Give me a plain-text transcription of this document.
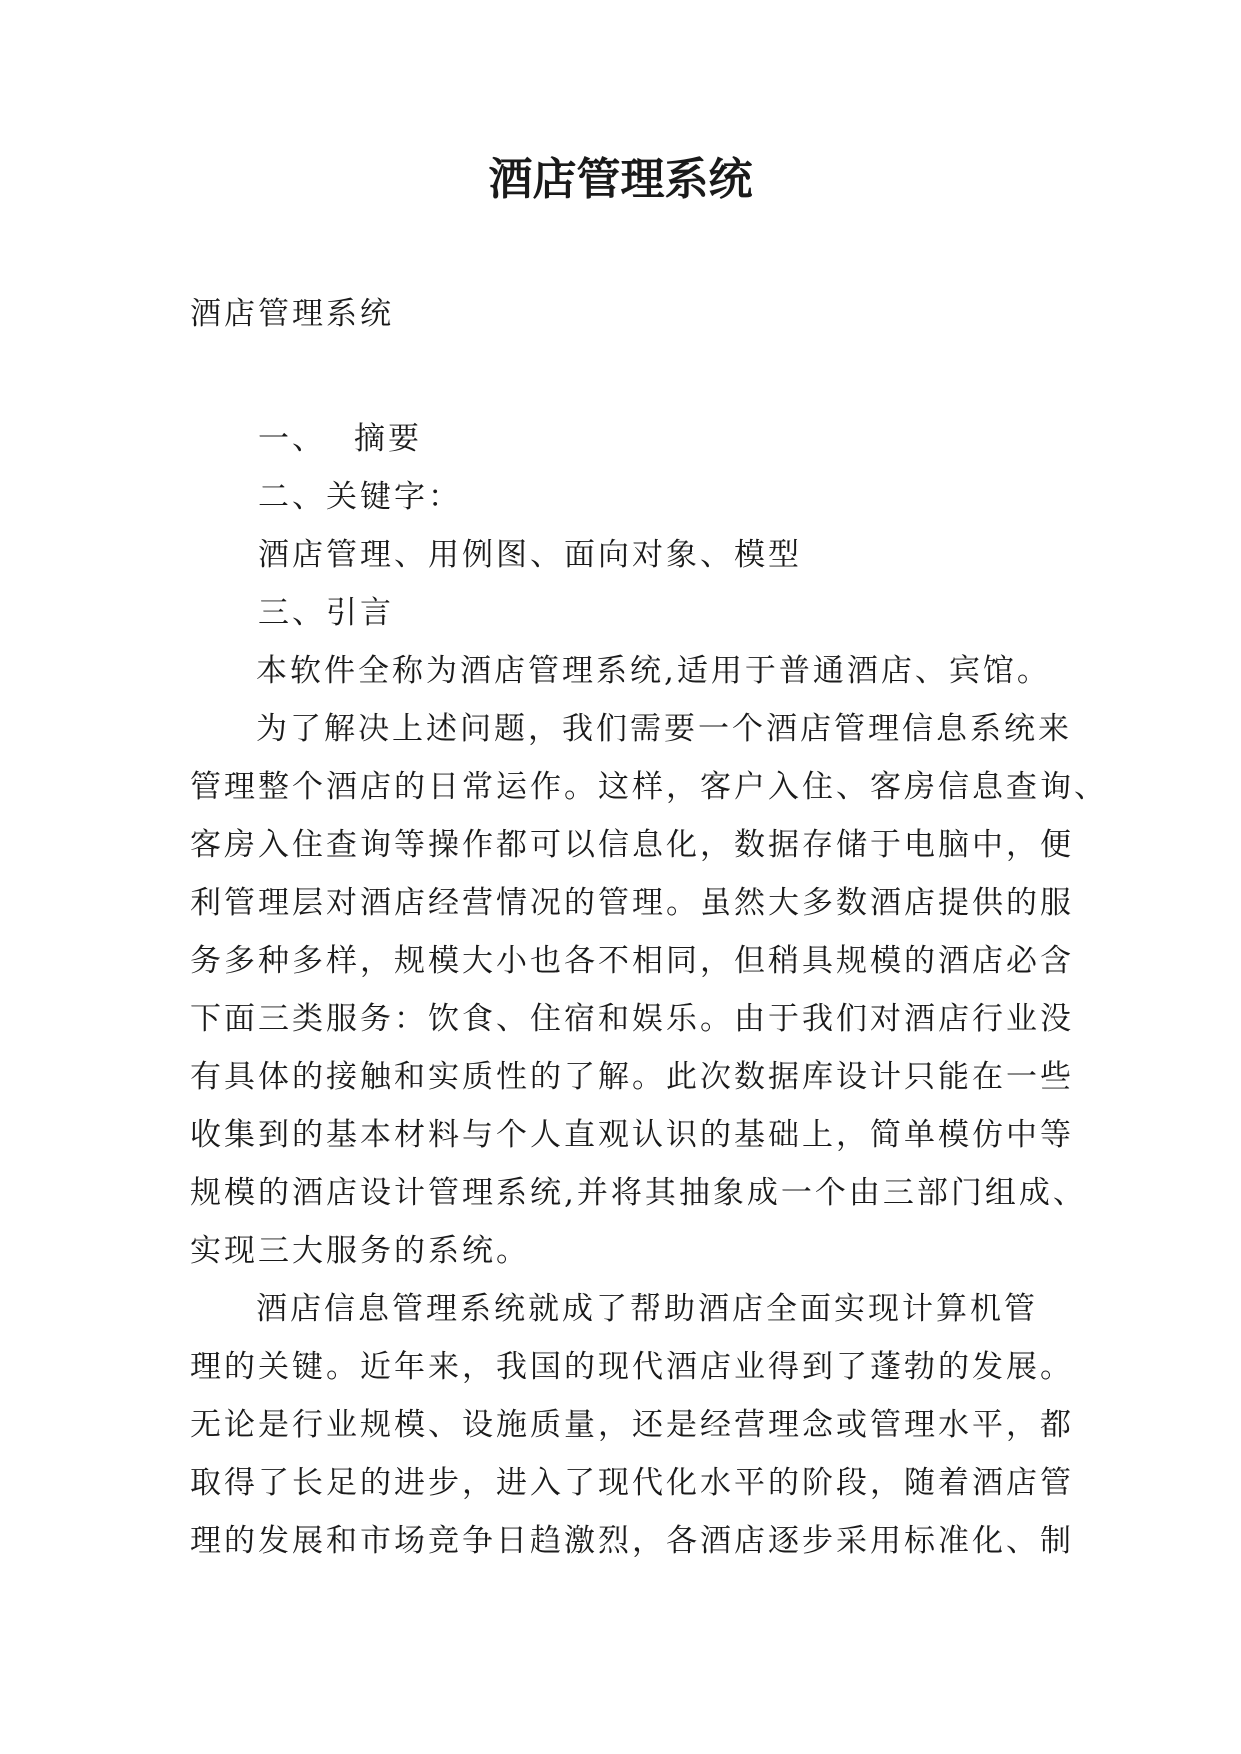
酒店管理系统
酒店管理系统
一、 摘要
二、关键字：
酒店管理、用例图、面向对象、模型
三、引言

本软件全称为酒店管理系统,适用于普通酒店、宾馆。

为了解决上述问题，我们需要一个酒店管理信息系统来
管理整个酒店的日常运作。这样，客户入住、客房信息查询、
客房入住查询等操作都可以信息化，数据存储于电脑中，便
利管理层对酒店经营情况的管理。虽然大多数酒店提供的服
务多种多样，规模大小也各不相同，但稍具规模的酒店必含
下面三类服务：饮食、住宿和娱乐。由于我们对酒店行业没
有具体的接触和实质性的了解。此次数据库设计只能在一些
收集到的基本材料与个人直观认识的基础上，简单模仿中等
规模的酒店设计管理系统,并将其抽象成一个由三部门组成、
实现三大服务的系统。

酒店信息管理系统就成了帮助酒店全面实现计算机管
理的关键。近年来，我国的现代酒店业得到了蓬勃的发展。
无论是行业规模、设施质量，还是经营理念或管理水平，都
取得了长足的进步，进入了现代化水平的阶段，随着酒店管
理的发展和市场竞争日趋激烈，各酒店逐步采用标准化、制
